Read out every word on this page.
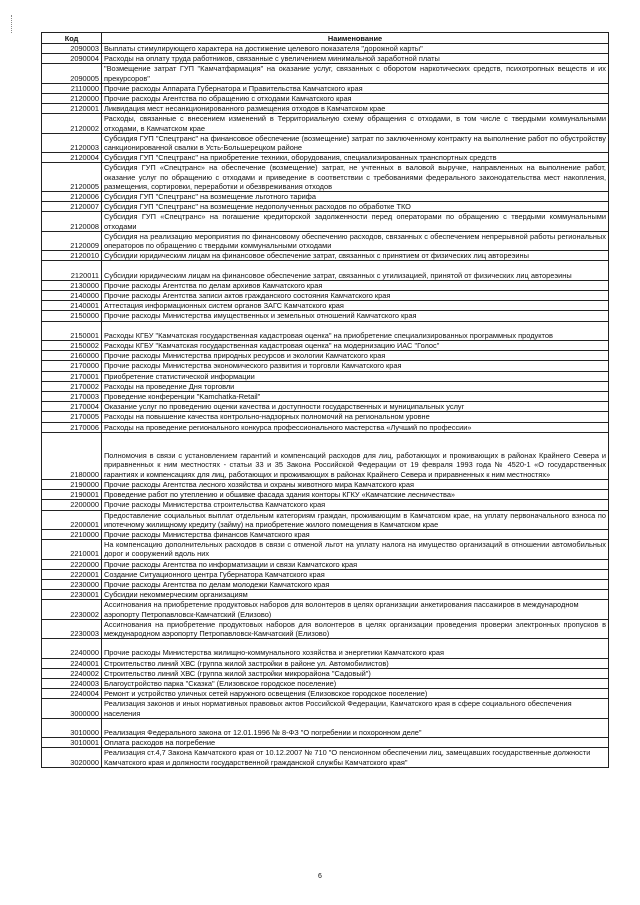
Код	Наименование
2090003	Выплаты стимулирующего характера на достижение целевого показателя "дорожной карты"
2090004	Расходы на оплату труда работников, связанные с увеличением минимальной заработной платы
2090005	"Возмещение затрат ГУП "Камчатфармация" на оказание услуг, связанных с оборотом наркотических средств, психотропных веществ и их прекурсоров"
2110000	Прочие расходы Аппарата Губернатора и Правительства Камчатского края
2120000	Прочие расходы Агентства по обращению с отходами Камчатского края
2120001	Ликвидация мест несанкционированного размещения отходов в Камчатском крае
2120002	Расходы, связанные с внесением изменений в Территориальную схему обращения с отходами, в том числе с твердыми коммунальными отходами, в Камчатском крае
2120003	Субсидия ГУП "Спецтранс" на финансовое обеспечение (возмещение) затрат по заключенному контракту на выполнение работ по обустройству санкционированной свалки в Усть-Большерецком районе
2120004	Субсидия ГУП "Спецтранс" на приобретение техники, оборудования, специализированных транспортных средств
2120005	Субсидия ГУП «Спецтранс» на обеспечение (возмещение) затрат, не учтенных в валовой выручке, направленных на выполнение работ, оказание услуг по обращению с отходами и приведение в соответствии с требованиями федерального законодательства мест накопления, размещения, сортировки, переработки и обезвреживания отходов
2120006	Субсидия ГУП "Спецтранс" на возмещение льготного тарифа
2120007	Субсидия ГУП "Спецтранс" на возмещение недополученных расходов по обработке ТКО
2120008	Субсидия ГУП «Спецтранс» на погашение кредиторской задолженности перед операторами по обращению с твердыми коммунальными отходами
2120009	Субсидия на реализацию мероприятия по финансовому обеспечению расходов, связанных с обеспечением непрерывной работы региональных операторов по обращению с твердыми коммунальными отходами
2120010	Субсидии юридическим лицам на финансовое обеспечение затрат, связанных с принятием от физических лиц автореэины
2120011	Субсидии юридическим лицам на финансовое обеспечение затрат, связанных с утилизацией, принятой от физических лиц автореэины
2130000	Прочие расходы Агентства по делам архивов Камчатского края
2140000	Прочие расходы Агентства записи актов гражданского состояния Камчатского края
2140001	Аттестация информационных систем органов ЗАГС Камчатского края
2150000	Прочие расходы Министерства имущественных и земельных отношений Камчатского края
2150001	Расходы КГБУ "Камчатская государственная кадастровая оценка" на приобретение специализированных программных продуктов
2150002	Расходы КГБУ "Камчатская государственная кадастровая оценка" на модернизацию ИАС "Голос"
2160000	Прочие расходы Министерства природных ресурсов и экологии Камчатского края
2170000	Прочие расходы Министерства экономического развития и торговли Камчатского края
2170001	Приобретение статистической информации
2170002	Расходы на проведение Дня торговли
2170003	Проведение конференции "Kamchatka-Retail"
2170004	Оказание услуг по проведению оценки качества и доступности государственных и муниципальных услуг
2170005	Расходы на повышение качества контрольно-надзорных полномочий на региональном уровне
2170006	Расходы на проведение регионального конкурса профессионального мастерства «Лучший по профессии»
2180000	Полномочия в связи с установлением гарантий и компенсаций расходов для лиц, работающих и проживающих в районах Крайнего Севера и приравненных к ним местностях - статьи 33 и 35 Закона Российской Федерации от 19 февраля 1993 года № 4520-1 «О государственных гарантиях и компенсациях для лиц, работающих и проживающих в районах Крайнего Севера и приравненных к ним местностях»
2190000	Прочие расходы Агентства лесного хозяйства и охраны животного мира Камчатского края
2190001	Проведение работ по утеплению и обшивке фасада здания конторы КГКУ «Камчатские лесничества»
2200000	Прочие расходы Министерства строительства Камчатского края
2200001	Предоставление социальных выплат отдельным категориям граждан, проживающим в Камчатском крае, на уплату первоначального взноса по ипотечному жилищному кредиту (займу) на приобретение жилого помещения в Камчатском крае
2210000	Прочие расходы Министерства финансов Камчатского края
2210001	На компенсацию дополнительных расходов в связи с отменой льгот на уплату налога на имущество организаций в отношении автомобильных дорог и сооружений вдоль них
2220000	Прочие расходы Агентства по информатизации и связи Камчатского края
2220001	Создание Ситуационного центра Губернатора Камчатского края
2230000	Прочие расходы Агентства по делам молодежи Камчатского края
2230001	Субсидии некоммерческим организациям
2230002	Ассигнования на приобретение продуктовых наборов для волонтеров в целях организации анкетирования пассажиров в международном аэропорту Петропавловск-Камчатский (Елизово)
2230003	Ассигнования на приобретение продуктовых наборов для волонтеров в целях организации проведения проверки электронных пропусков в международном аэропорту Петропавловск-Камчатский (Елизово)
2240000	Прочие расходы Министерства жилищно-коммунального хозяйства и энергетики Камчатского края
2240001	Строительство линий ХВС (группа жилой застройки в районе ул. Автомобилистов)
2240002	Строительство линий ХВС (группа жилой застройки микрорайона "Садовый")
2240003	Благоустройство парка "Сказка" (Елизовское городское поселение)
2240004	Ремонт и устройство уличных сетей наружного освещения (Елизовское городское поселение)
3000000	Реализация законов и иных нормативных правовых актов Российской Федерации, Камчатского края в сфере социального обеспечения населения
3010000	Реализация Федерального закона от 12.01.1996 № 8-ФЗ "О погребении и похоронном деле"
3010001	Оплата расходов на погребение
3020000	Реализация ст.4,7 Закона Камчатского края от 10.12.2007 № 710 "О пенсионном обеспечении лиц, замещавших государственные должности Камчатского края и должности государственной гражданской службы Камчатского края"
6
